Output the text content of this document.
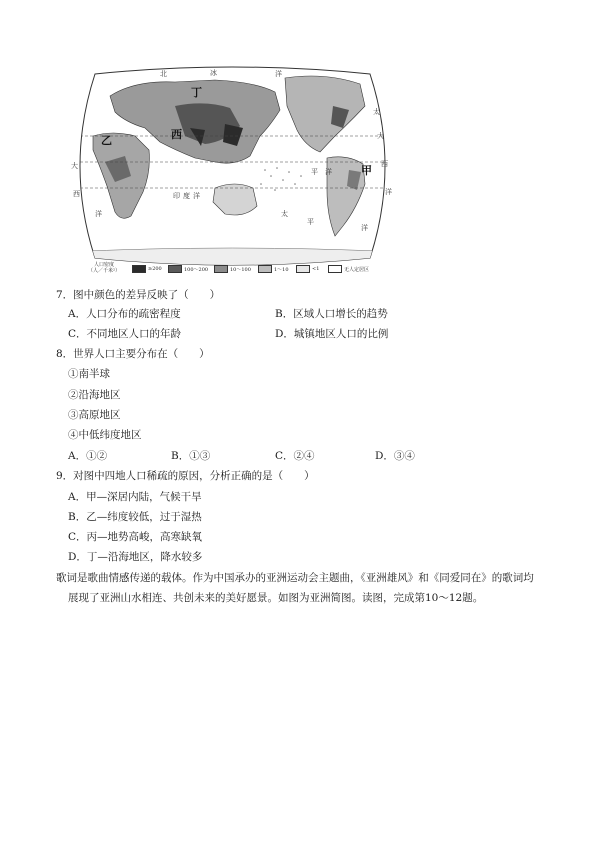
北	冰	洋
太
平 洋
大
西
洋
印 度 洋
大
西
洋	太
平
洋
丁
乙	西
甲
人口密度
（人／千米²）	≥200	100～200	10～100	1～10	<1	无人定居区
7．图中颜色的差异反映了（　　）
A．人口分布的疏密程度	B．区域人口增长的趋势
C．不同地区人口的年龄	D．城镇地区人口的比例
8．世界人口主要分布在（　　）
①南半球
②沿海地区
③高原地区
④中低纬度地区
A．①②	B．①③	C．②④	D．③④
9．对图中四地人口稀疏的原因，分析正确的是（　　）
A．甲—深居内陆，气候干旱
B．乙—纬度较低，过于湿热
C．丙—地势高峻，高寒缺氧
D．丁—沿海地区，降水较多
歌词是歌曲情感传递的载体。作为中国承办的亚洲运动会主题曲，《亚洲雄风》和《同爱同在》的歌词均
展现了亚洲山水相连、共创未来的美好愿景。如图为亚洲简图。读图，完成第10～12题。
